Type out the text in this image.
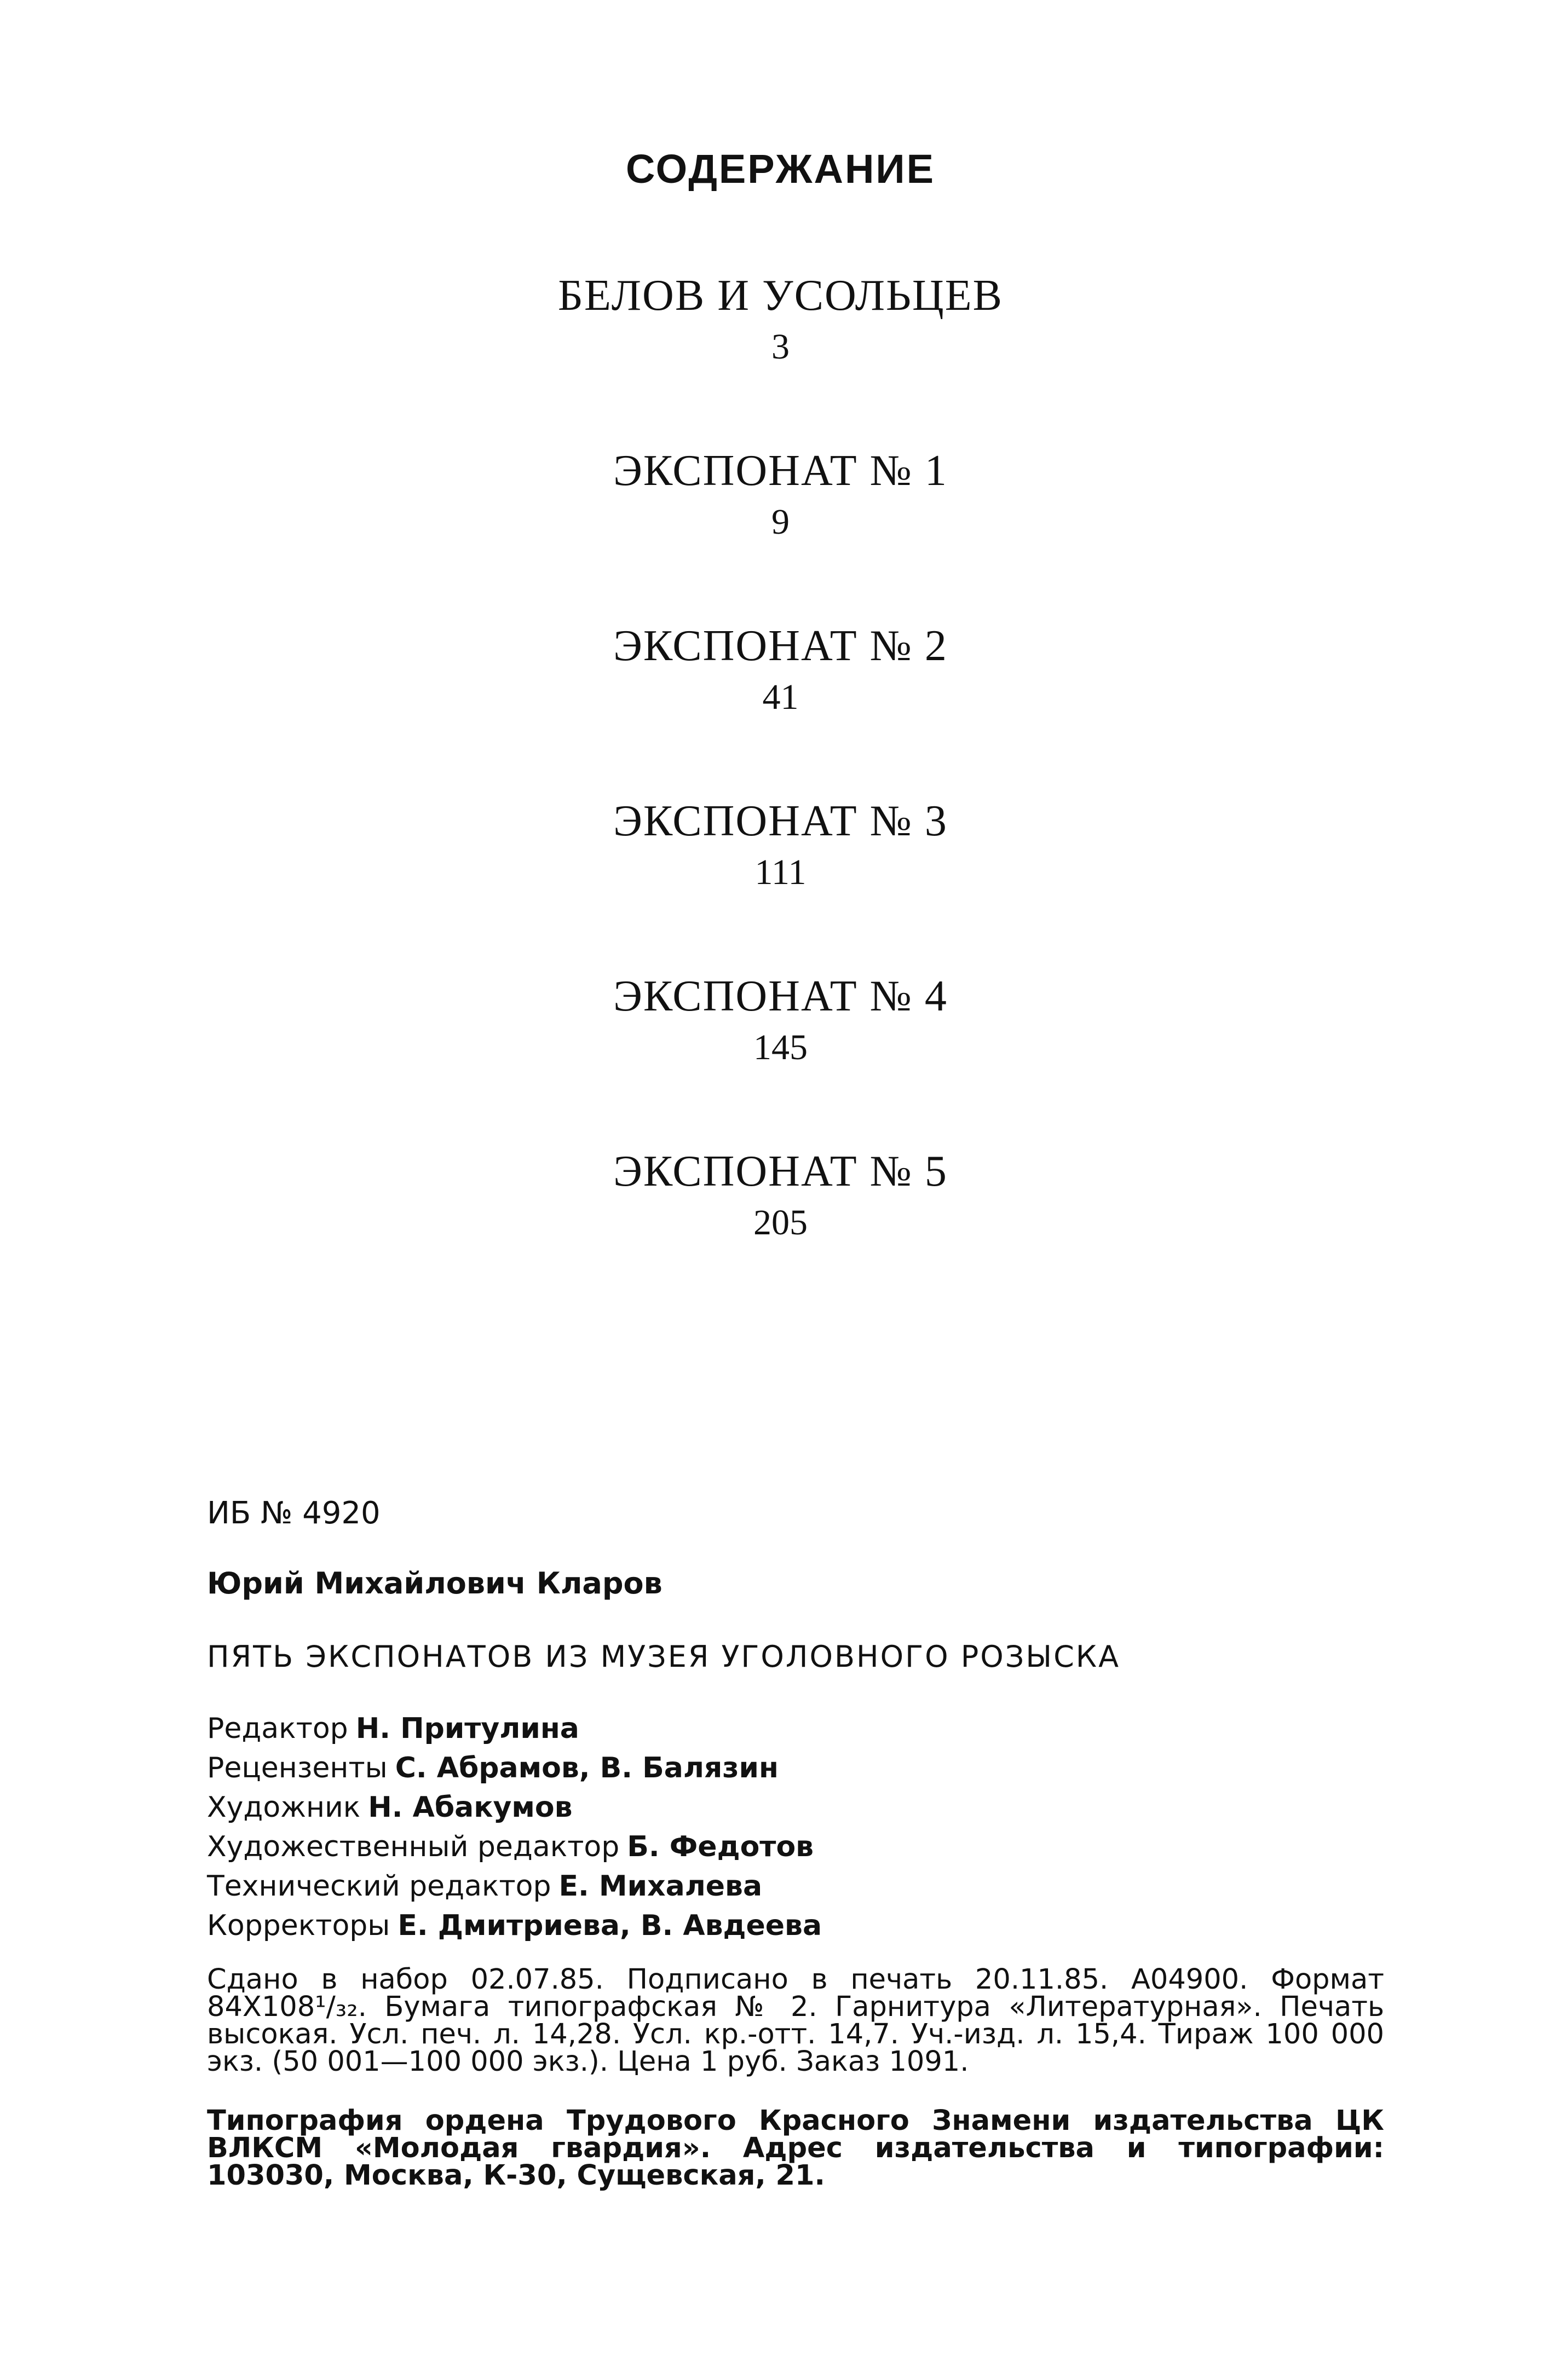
СОДЕРЖАНИЕ
БЕЛОВ И УСОЛЬЦЕВ
3
ЭКСПОНАТ № 1
9
ЭКСПОНАТ № 2
41
ЭКСПОНАТ № 3
111
ЭКСПОНАТ № 4
145
ЭКСПОНАТ № 5
205
ИБ № 4920
Юрий Михайлович Кларов
ПЯТЬ ЭКСПОНАТОВ ИЗ МУЗЕЯ УГОЛОВНОГО РОЗЫСКА
Редактор Н. Притулина
Рецензенты С. Абрамов, В. Балязин
Художник Н. Абакумов
Художественный редактор Б. Федотов
Технический редактор Е. Михалева
Корректоры Е. Дмитриева, В. Авдеева
Сдано в набор 02.07.85. Подписано в печать 20.11.85. А04900. Формат 84Х108¹/₃₂. Бумага типографская № 2. Гарнитура «Литературная». Печать высокая. Усл. печ. л. 14,28. Усл. кр.-отт. 14,7. Уч.-изд. л. 15,4. Тираж 100 000 экз. (50 001—100 000 экз.). Цена 1 руб. Заказ 1091.
Типография ордена Трудового Красного Знамени издательства ЦК ВЛКСМ «Молодая гвардия». Адрес издательства и типографии: 103030, Москва, К-30, Сущевская, 21.
